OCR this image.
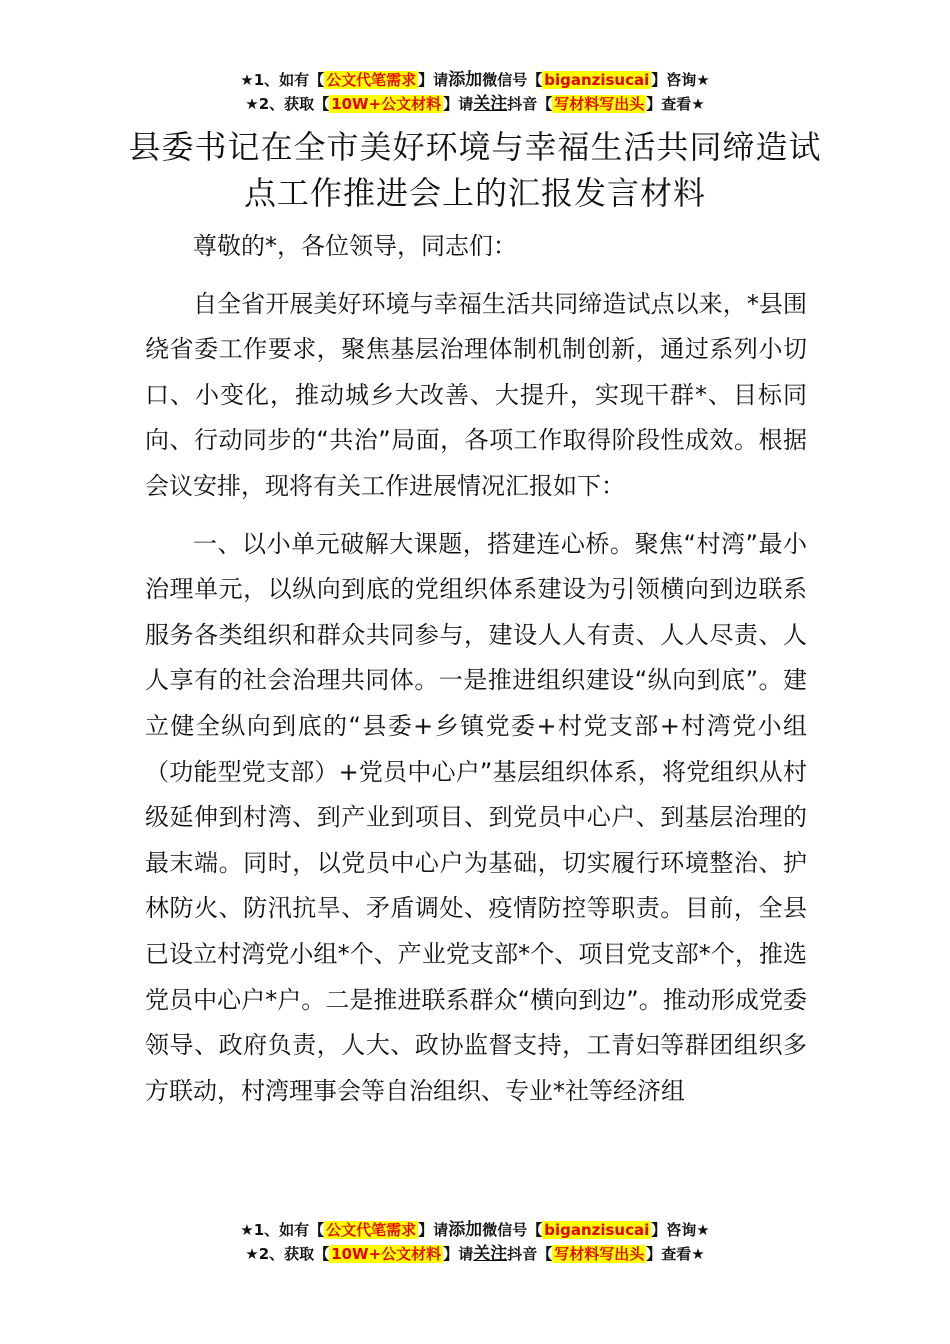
★1、如有【 公文代笔需求 】请添加微信号【 biganzisucai 】咨询★
★2、获取【 10W+公文材料 】请关注抖音【 写材料写出头 】查看★
县委书记在全市美好环境与幸福生活共同缔造试点工作推进会上的汇报发言材料

尊敬的*，各位领导，同志们：

自全省开展美好环境与幸福生活共同缔造试点以来，*县围绕省委工作要求，聚焦基层治理体制机制创新，通过系列小切口、小变化，推动城乡大改善、大提升，实现干群*、目标同向、行动同步的“共治”局面，各项工作取得阶段性成效。根据会议安排，现将有关工作进展情况汇报如下：

一、以小单元破解大课题，搭建连心桥。聚焦“村湾”最小治理单元，以纵向到底的党组织体系建设为引领横向到边联系服务各类组织和群众共同参与，建设人人有责、人人尽责、人人享有的社会治理共同体。一是推进组织建设“纵向到底”。建立健全纵向到底的“县委+乡镇党委+村党支部+村湾党小组（功能型党支部）+党员中心户”基层组织体系，将党组织从村级延伸到村湾、到产业到项目、到党员中心户、到基层治理的最末端。同时，以党员中心户为基础，切实履行环境整治、护林防火、防汛抗旱、矛盾调处、疫情防控等职责。目前，全县已设立村湾党小组*个、产业党支部*个、项目党支部*个，推选党员中心户*户。二是推进联系群众“横向到边”。推动形成党委领导、政府负责，人大、政协监督支持，工青妇等群团组织多方联动，村湾理事会等自治组织、专业*社等经济组

★1、如有【 公文代笔需求 】请添加微信号【 biganzisucai 】咨询★
★2、获取【 10W+公文材料 】请关注抖音【 写材料写出头 】查看★
